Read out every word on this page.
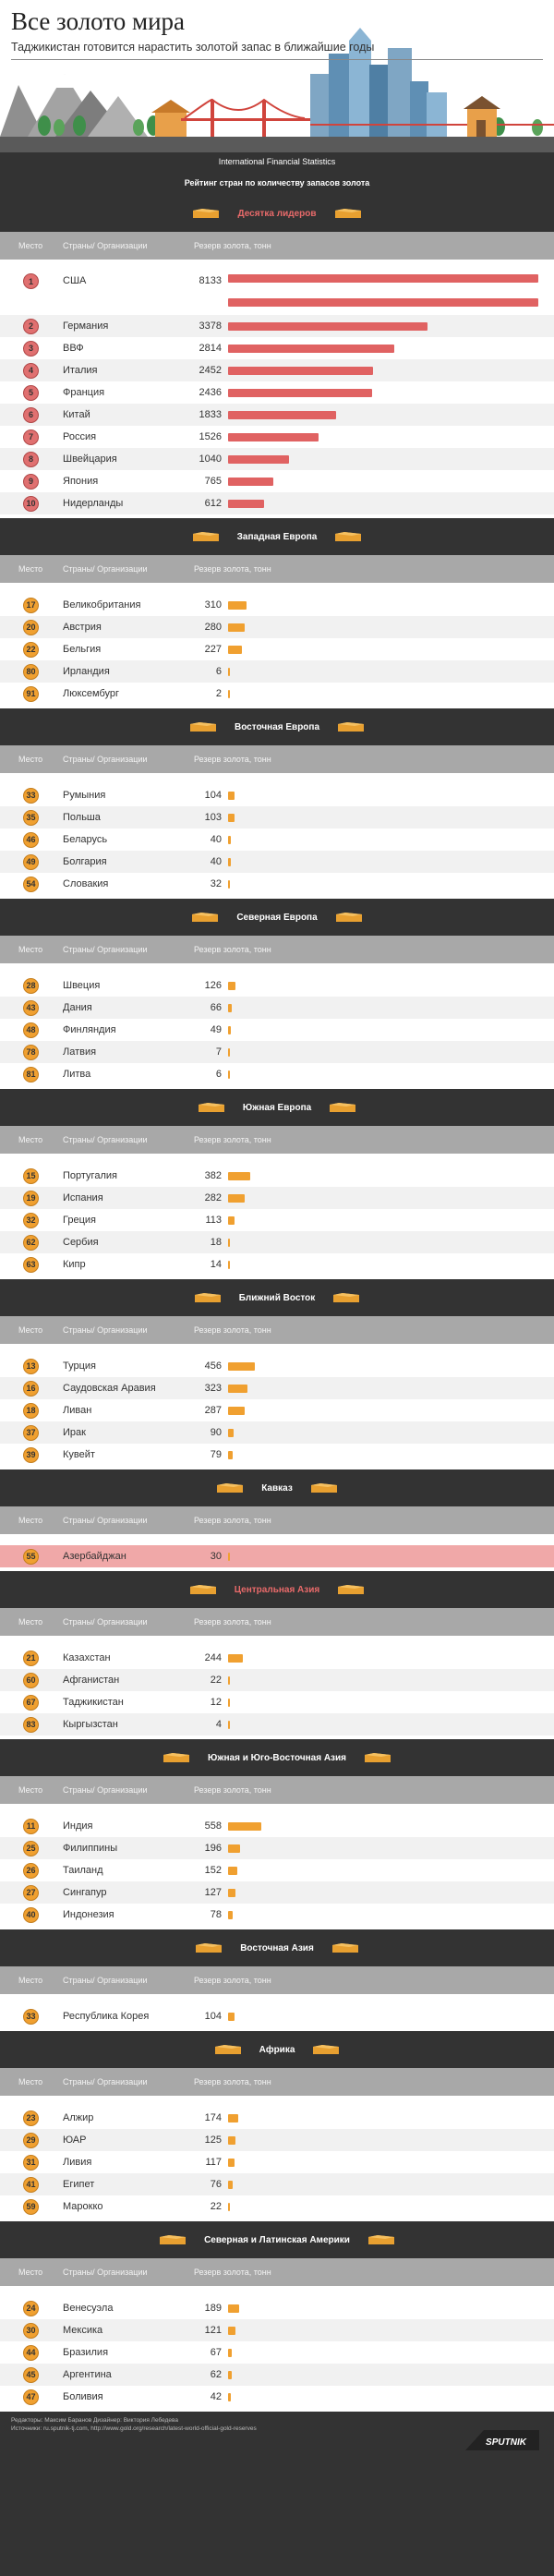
Все золото мира
Таджикистан готовится нарастить золотой запас в ближайшие годы
International Financial Statistics
Рейтинг стран по количеству запасов золота
Десятка лидеров
Место Страны/ Организации	Резерв золота, тонн
1	США	8133
2	Германия	3378
3	ВВФ	2814
4	Италия	2452
5	Франция	2436
6	Китай	1833
7	Россия	1526
8	Швейцария	1040
9	Япония	765
10	Нидерланды	612
Западная Европа
Место Страны/ Организации	Резерв золота, тонн
17	Великобритания	310
20	Австрия	280
22	Бельгия	227
80	Ирландия	6
91	Люксембург	2
Восточная Европа
Место Страны/ Организации	Резерв золота, тонн
33	Румыния	104
35	Польша	103
46	Беларусь	40
49	Болгария	40
54	Словакия	32
Северная Европа
Место Страны/ Организации	Резерв золота, тонн
28	Швеция	126
43	Дания	66
48	Финляндия	49
78	Латвия	7
81	Литва	6
Южная Европа
Место Страны/ Организации	Резерв золота, тонн
15	Португалия	382
19	Испания	282
32	Греция	113
62	Сербия	18
63	Кипр	14
Ближний Восток
Место Страны/ Организации	Резерв золота, тонн
13	Турция	456
16	Саудовская Аравия	323
18	Ливан	287
37	Ирак	90
39	Кувейт	79
Кавказ
Место Страны/ Организации	Резерв золота, тонн
55	Азербайджан	30
Центральная Азия
Место Страны/ Организации	Резерв золота, тонн
21	Казахстан	244
60	Афганистан	22
67	Таджикистан	12
83	Кыргызстан	4
Южная и Юго-Восточная Азия
Место Страны/ Организации	Резерв золота, тонн
11	Индия	558
25	Филиппины	196
26	Таиланд	152
27	Сингапур	127
40	Индонезия	78
Восточная Азия
Место Страны/ Организации	Резерв золота, тонн
33	Республика Корея	104
Африка
Место Страны/ Организации	Резерв золота, тонн
23	Алжир	174
29	ЮАР	125
31	Ливия	117
41	Египет	76
59	Марокко	22
Северная и Латинская Америки
Место Страны/ Организации	Резерв золота, тонн
24	Венесуэла	189
30	Мексика	121
44	Бразилия	67
45	Аргентина	62
47	Боливия	42
Редакторы: Максим Баранов Дизайнер: Виктория Лебедева
Источники: ru.sputnik-tj.com, http://www.gold.org/research/latest-world-official-gold-reserves
SPUTNIK
